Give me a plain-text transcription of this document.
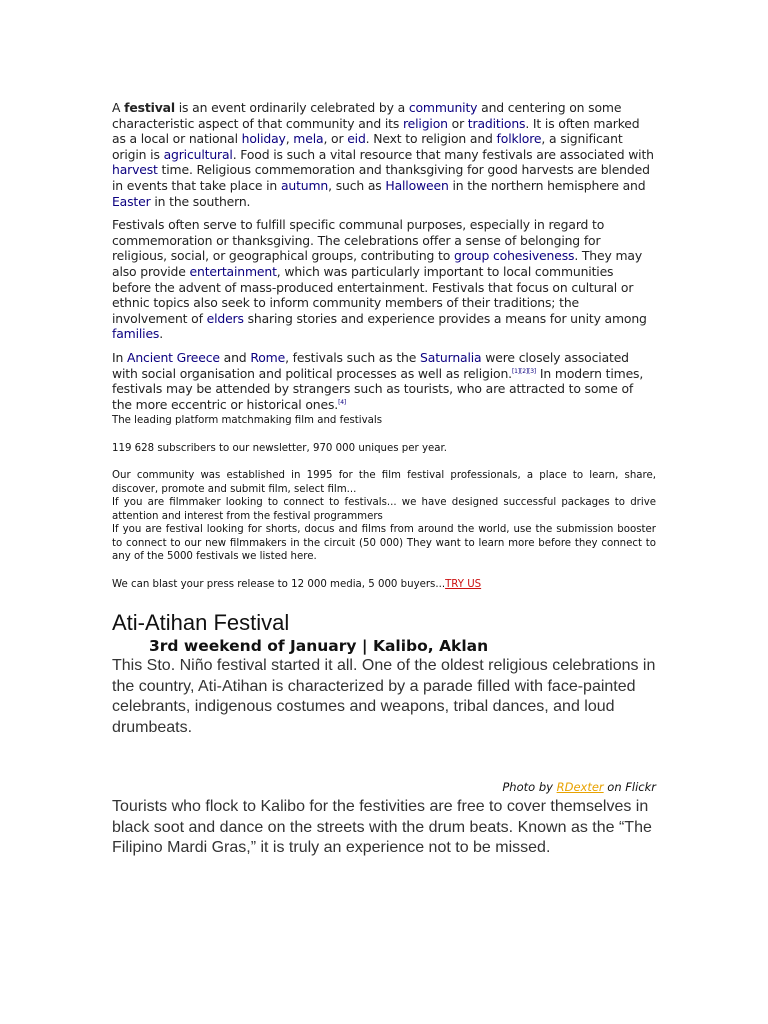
A festival is an event ordinarily celebrated by a community and centering on some characteristic aspect of that community and its religion or traditions. It is often marked as a local or national holiday, mela, or eid. Next to religion and folklore, a significant origin is agricultural. Food is such a vital resource that many festivals are associated with harvest time. Religious commemoration and thanksgiving for good harvests are blended in events that take place in autumn, such as Halloween in the northern hemisphere and Easter in the southern.

Festivals often serve to fulfill specific communal purposes, especially in regard to commemoration or thanksgiving. The celebrations offer a sense of belonging for religious, social, or geographical groups, contributing to group cohesiveness. They may also provide entertainment, which was particularly important to local communities before the advent of mass-produced entertainment. Festivals that focus on cultural or ethnic topics also seek to inform community members of their traditions; the involvement of elders sharing stories and experience provides a means for unity among families.

In Ancient Greece and Rome, festivals such as the Saturnalia were closely associated with social organisation and political processes as well as religion.[1][2][3] In modern times, festivals may be attended by strangers such as tourists, who are attracted to some of the more eccentric or historical ones.[4]

The leading platform matchmaking film and festivals

119 628 subscribers to our newsletter, 970 000 uniques per year.

Our community was established in 1995 for the film festival professionals, a place to learn, share, discover, promote and submit film, select film...

If you are filmmaker looking to connect to festivals... we have designed successful packages to drive attention and interest from the festival programmers

If you are festival looking for shorts, docus and films from around the world, use the submission booster to connect to our new filmmakers in the circuit (50 000) They want to learn more before they connect to any of the 5000 festivals we listed here.

We can blast your press release to 12 000 media, 5 000 buyers...TRY US

Ati-Atihan Festival
3rd weekend of January | Kalibo, Aklan

This Sto. Niño festival started it all. One of the oldest religious celebrations in the country, Ati-Atihan is characterized by a parade filled with face-painted celebrants, indigenous costumes and weapons, tribal dances, and loud drumbeats.

Photo by RDexter on Flickr

Tourists who flock to Kalibo for the festivities are free to cover themselves in black soot and dance on the streets with the drum beats. Known as the “The Filipino Mardi Gras,” it is truly an experience not to be missed.
